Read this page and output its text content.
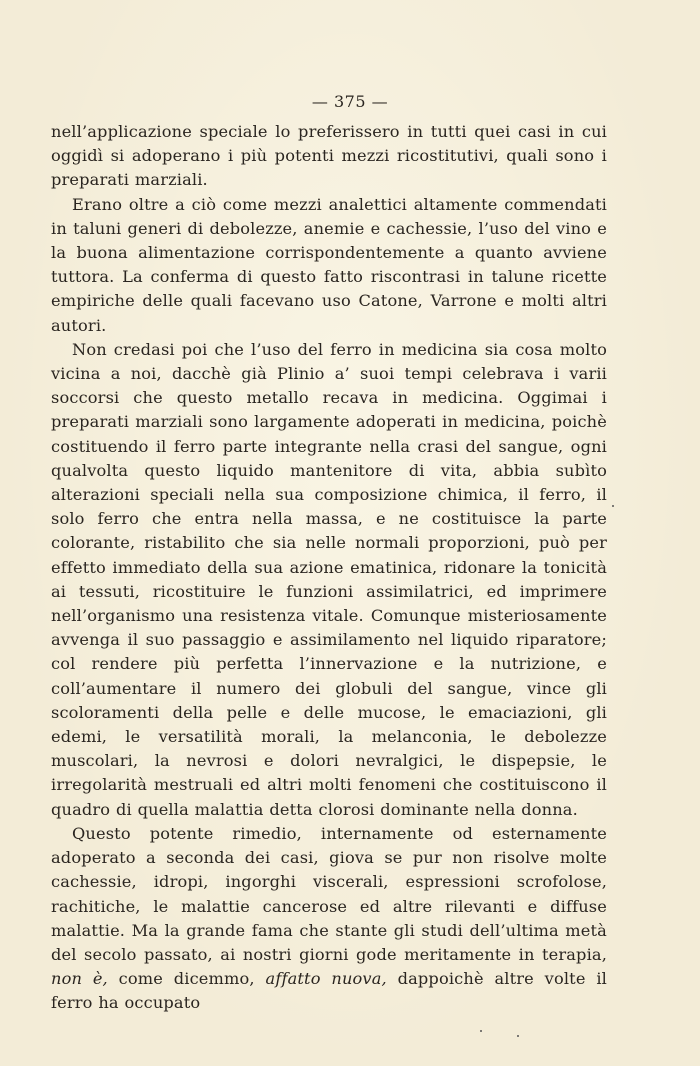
— 375 —

nell’applicazione speciale lo preferissero in tutti quei casi in cui oggidì si adoperano i più potenti mezzi ricostitutivi, quali sono i preparati marziali.

Erano oltre a ciò come mezzi analettici altamente commendati in taluni generi di debolezze, anemie e cachessie, l’uso del vino e la buona alimentazione corrispondentemente a quanto avviene tuttora. La conferma di questo fatto riscontrasi in talune ricette empiriche delle quali facevano uso Catone, Varrone e molti altri autori.

Non credasi poi che l’uso del ferro in medicina sia cosa molto vicina a noi, dacchè già Plinio a’ suoi tempi celebrava i varii soccorsi che questo metallo recava in medicina. Oggimai i preparati marziali sono largamente adoperati in medicina, poichè costituendo il ferro parte integrante nella crasi del sangue, ogni qualvolta questo liquido mantenitore di vita, abbia subìto alterazioni speciali nella sua composizione chimica, il ferro, il solo ferro che entra nella massa, e ne costituisce la parte colorante, ristabilito che sia nelle normali proporzioni, può per effetto immediato della sua azione ematinica, ridonare la tonicità ai tessuti, ricostituire le funzioni assimilatrici, ed imprimere nell’organismo una resistenza vitale. Comunque misteriosamente avvenga il suo passaggio e assimilamento nel liquido riparatore; col rendere più perfetta l’innervazione e la nutrizione, e coll’aumentare il numero dei globuli del sangue, vince gli scoloramenti della pelle e delle mucose, le emaciazioni, gli edemi, le versatilità morali, la melanconia, le debolezze muscolari, la nevrosi e dolori nevralgici, le dispepsie, le irregolarità mestruali ed altri molti fenomeni che costituiscono il quadro di quella malattia detta clorosi dominante nella donna.

Questo potente rimedio, internamente od esternamente adoperato a seconda dei casi, giova se pur non risolve molte cachessie, idropi, ingorghi viscerali, espressioni scrofolose, rachitiche, le malattie cancerose ed altre rilevanti e diffuse malattie. Ma la grande fama che stante gli studi dell’ultima metà del secolo passato, ai nostri giorni gode meritamente in terapia, non è, come dicemmo, affatto nuova, dappoichè altre volte il ferro ha occupato
